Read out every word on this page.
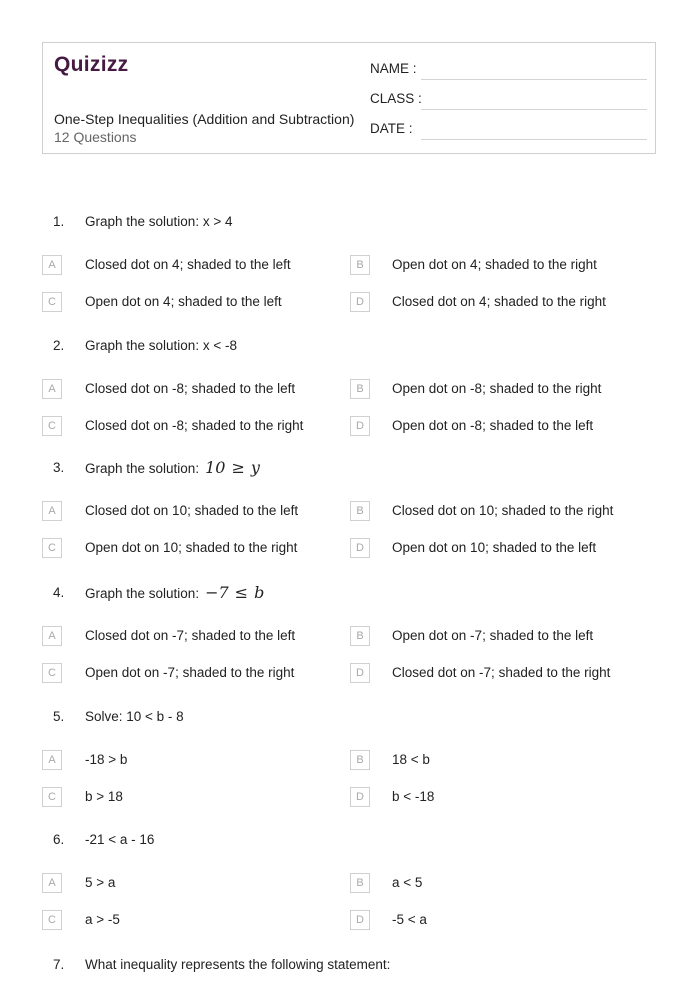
Quizizz
One-Step Inequalities (Addition and Subtraction)
12 Questions
NAME :
CLASS :
DATE :
1. Graph the solution: x > 4
A	Closed dot on 4; shaded to the left	B	Open dot on 4; shaded to the right
C	Open dot on 4; shaded to the left	D	Closed dot on 4; shaded to the right
2. Graph the solution: x < -8
A	Closed dot on -8; shaded to the left	B	Open dot on -8; shaded to the right
C	Closed dot on -8; shaded to the right	D	Open dot on -8; shaded to the left
3. Graph the solution: 10 ≥ y
A	Closed dot on 10; shaded to the left	B	Closed dot on 10; shaded to the right
C	Open dot on 10; shaded to the right	D	Open dot on 10; shaded to the left
4. Graph the solution: −7 ≤ b
A	Closed dot on -7; shaded to the left	B	Open dot on -7; shaded to the left
C	Open dot on -7; shaded to the right	D	Closed dot on -7; shaded to the right
5. Solve: 10 < b - 8
A	-18 > b	B	18 < b
C	b > 18	D	b < -18
6. -21 < a - 16
A	5 > a	B	a < 5
C	a > -5	D	-5 < a
7. What inequality represents the following statement:
